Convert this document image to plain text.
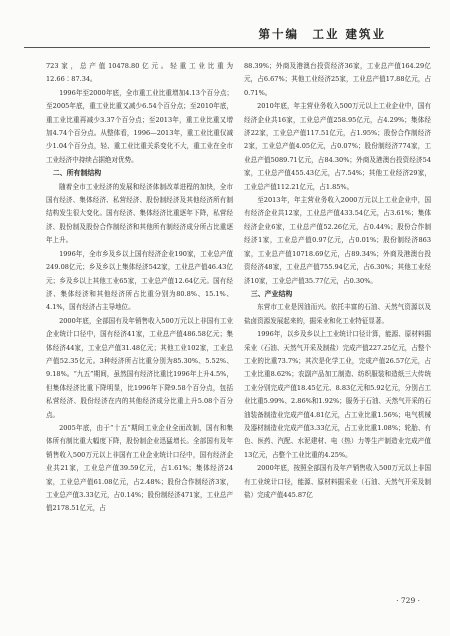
第十编　工业 建筑业

723家，总产值10478.80亿元。轻重工业比重为12.66∶87.34。

1996年至2000年底，全市重工业比重增加4.13个百分点；至2005年底，重工业比重又减少6.54个百分点；至2010年底，重工业比重再减少3.37个百分点；至2013年，重工业比重又增加4.74个百分点。从整体看，1996—2013年，重工业比重仅减少1.04个百分点，轻、重工业比重关系变化不大，重工业在全市工业经济中持续占据绝对优势。

二、所有制结构

随着全市工业经济的发展和经济体制改革进程的加快，全市国有经济、集体经济、私营经济、股份制经济及其他经济所有制结构发生很大变化。国有经济、集体经济比重逐年下降，私营经济、股份制及股份合作制经济和其他所有制经济成分所占比重逐年上升。

1996年，全市乡及乡以上国有经济企业190家，工业总产值249.08亿元；乡及乡以上集体经济542家，工业总产值46.43亿元；乡及乡以上其他工业65家，工业总产值12.64亿元。国有经济、集体经济和其他经济所占比重分别为80.8%、15.1%、4.1%，国有经济占主导地位。

2000年底，全部国有及年销售收入500万元以上非国有工业企业统计口径中，国有经济41家，工业总产值486.58亿元；集体经济44家，工业总产值31.48亿元；其他工业102家，工业总产值52.35亿元。3种经济所占比重分别为85.30%、5.52%、9.18%。“九五”期间，虽然国有经济比重比1996年上升4.5%，但集体经济比重下降明显，比1996年下降9.58个百分点，包括私营经济、股份经济在内的其他经济成分比重上升5.08个百分点。

2005年底，由于“十五”期间工业企业全面改制，国有和集体所有制比重大幅度下降，股份制企业迅猛增长。全部国有及年销售收入500万元以上非国有工业企业统计口径中，国有经济企业共21家，工业总产值39.59亿元，占1.61%；集体经济24家，工业总产值61.08亿元，占2.48%；股份合作制经济3家，工业总产值3.33亿元，占0.14%；股份制经济471家，工业总产值2178.51亿元，占

88.39%；外商及港澳台投资经济36家，工业总产值164.29亿元，占6.67%；其他工业经济25家，工业总产值17.88亿元，占0.71%。

2010年底，年主营业务收入500万元以上工业企业中，国有经济企业共16家，工业总产值258.95亿元，占4.29%；集体经济22家，工业总产值117.51亿元，占1.95%；股份合作制经济2家，工业总产值4.05亿元，占0.07%；股份制经济774家，工业总产值5089.71亿元，占84.30%；外商及港澳台投资经济54家，工业总产值455.43亿元，占7.54%；其他工业经济29家，工业总产值112.21亿元，占1.85%。

至2013年，年主营业务收入2000万元以上工业企业中，国有经济企业共12家，工业总产值433.54亿元，占3.61%；集体经济企业6家，工业总产值52.26亿元，占0.44%；股份合作制经济1家，工业总产值0.97亿元，占0.01%；股份制经济863家，工业总产值10718.69亿元，占89.34%；外商及港澳台投资经济48家，工业总产值755.94亿元，占6.30%；其他工业经济10家，工业总产值35.77亿元，占0.30%。

三、产业结构

东营市工业是因油而兴。依托丰富的石油、天然气资源以及盐卤资源发展起来的，掘采业和化工业特征显著。

1996年，以乡及乡以上工业统计口径计算，能源、原材料掘采业（石油、天然气开采及制盐）完成产值227.25亿元，占整个工业的比重73.7%；其次是化学工业，完成产值26.57亿元，占工业比重8.62%；农副产品加工制造、纺织服装和造纸三大传统工业分别完成产值18.45亿元、8.83亿元和5.92亿元，分别占工业比重5.99%、2.86%和1.92%；服务于石油、天然气开采的石油装备制造业完成产值4.81亿元，占工业比重1.56%；电气机械及器材制造业完成产值3.33亿元，占工业比重1.08%；轮胎、有色、医药、汽配、水泥建材、电（热）力等生产制造业完成产值13亿元，占整个工业比重的4.25%。

2000年底，按照全部国有及年产销售收入500万元以上非国有工业统计口径，能源、原材料掘采业（石油、天然气开采及制盐）完成产值445.87亿

· 729 ·
